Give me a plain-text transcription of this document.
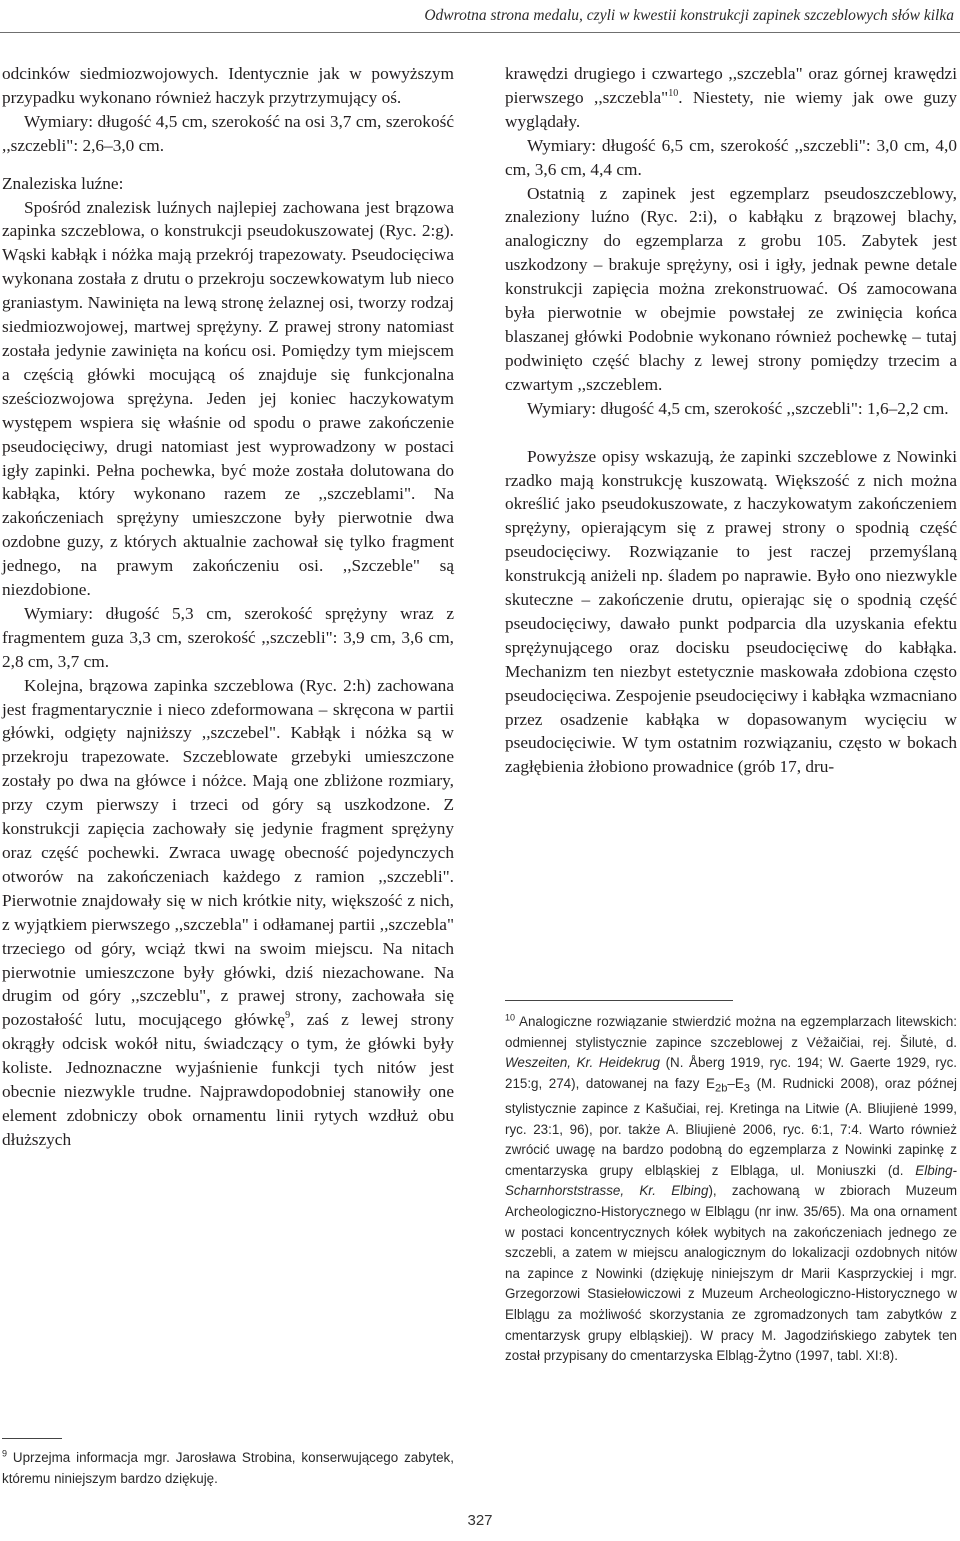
Odwrotna strona medalu, czyli w kwestii konstrukcji zapinek szczeblowych słów kilka

odcinków siedmiozwojowych. Identycznie jak w powyższym przypadku wykonano również haczyk przytrzymujący oś.

Wymiary: długość 4,5 cm, szerokość na osi 3,7 cm, szerokość ,,szczebli": 2,6–3,0 cm.

Znaleziska luźne:

Spośród znalezisk luźnych najlepiej zachowana jest brązowa zapinka szczeblowa, o konstrukcji pseudokuszowatej (Ryc. 2:g). Wąski kabłąk i nóżka mają przekrój trapezowaty. Pseudocięciwa wykonana została z drutu o przekroju soczewkowatym lub nieco graniastym. Nawinięta na lewą stronę żelaznej osi, tworzy rodzaj siedmiozwojowej, martwej sprężyny. Z prawej strony natomiast została jedynie zawinięta na końcu osi. Pomiędzy tym miejscem a częścią główki mocującą oś znajduje się funkcjonalna sześciozwojowa sprężyna. Jeden jej koniec haczykowatym występem wspiera się właśnie od spodu o prawe zakończenie pseudocięciwy, drugi natomiast jest wyprowadzony w postaci igły zapinki. Pełna pochewka, być może została dolutowana do kabłąka, który wykonano razem ze ,,szczeblami". Na zakończeniach sprężyny umieszczone były pierwotnie dwa ozdobne guzy, z których aktualnie zachował się tylko fragment jednego, na prawym zakończeniu osi. ,,Szczeble" są niezdobione.

Wymiary: długość 5,3 cm, szerokość sprężyny wraz z fragmentem guza 3,3 cm, szerokość ,,szczebli": 3,9 cm, 3,6 cm, 2,8 cm, 3,7 cm.

Kolejna, brązowa zapinka szczeblowa (Ryc. 2:h) zachowana jest fragmentarycznie i nieco zdeformowana – skręcona w partii główki, odgięty najniższy ,,szczebel". Kabłąk i nóżka są w przekroju trapezowate. Szczeblowate grzebyki umieszczone zostały po dwa na główce i nóżce. Mają one zbliżone rozmiary, przy czym pierwszy i trzeci od góry są uszkodzone. Z konstrukcji zapięcia zachowały się jedynie fragment sprężyny oraz część pochewki. Zwraca uwagę obecność pojedynczych otworów na zakończeniach każdego z ramion ,,szczebli". Pierwotnie znajdowały się w nich krótkie nity, większość z nich, z wyjątkiem pierwszego ,,szczebla" i odłamanej partii ,,szczebla" trzeciego od góry, wciąż tkwi na swoim miejscu. Na nitach pierwotnie umieszczone były główki, dziś niezachowane. Na drugim od góry ,,szczeblu", z prawej strony, zachowała się pozostałość lutu, mocującego główkę$^9$, zaś z lewej strony okrągły odcisk wokół nitu, świadczący o tym, że główki były koliste. Jednoznaczne wyjaśnienie funkcji tych nitów jest obecnie niezwykle trudne. Najprawdopodobniej stanowiły one element zdobniczy obok ornamentu linii rytych wzdłuż obu dłuższych

$^9$ Uprzejma informacja mgr. Jarosława Strobina, konserwującego zabytek, któremu niniejszym bardzo dziękuję.

krawędzi drugiego i czwartego ,,szczebla" oraz górnej krawędzi pierwszego ,,szczebla"$^{10}$. Niestety, nie wiemy jak owe guzy wyglądały.

Wymiary: długość 6,5 cm, szerokość ,,szczebli": 3,0 cm, 4,0 cm, 3,6 cm, 4,4 cm.

Ostatnią z zapinek jest egzemplarz pseudoszczeblowy, znaleziony luźno (Ryc. 2:i), o kabłąku z brązowej blachy, analogiczny do egzemplarza z grobu 105. Zabytek jest uszkodzony – brakuje sprężyny, osi i igły, jednak pewne detale konstrukcji zapięcia można zrekonstruować. Oś zamocowana była pierwotnie w obejmie powstałej ze zwinięcia końca blaszanej główki Podobnie wykonano również pochewkę – tutaj podwinięto część blachy z lewej strony pomiędzy trzecim a czwartym ,,szczeblem.

Wymiary: długość 4,5 cm, szerokość ,,szczebli": 1,6–2,2 cm.

Powyższe opisy wskazują, że zapinki szczeblowe z Nowinki rzadko mają konstrukcję kuszowatą. Większość z nich można określić jako pseudokuszowate, z haczykowatym zakończeniem sprężyny, opierającym się z prawej strony o spodnią część pseudocięciwy. Rozwiązanie to jest raczej przemyślaną konstrukcją aniżeli np. śladem po naprawie. Było ono niezwykle skuteczne – zakończenie drutu, opierając się o spodnią część pseudocięciwy, dawało punkt podparcia dla uzyskania efektu sprężynującego oraz docisku pseudocięciwę do kabłąka. Mechanizm ten niezbyt estetycznie maskowała zdobiona często pseudocięciwa. Zespojenie pseudocięciwy i kabłąka wzmacniano przez osadzenie kabłąka w dopasowanym wycięciu w pseudocięciwie. W tym ostatnim rozwiązaniu, często w bokach zagłębienia żłobiono prowadnice (grób 17, dru-

$^{10}$ Analogiczne rozwiązanie stwierdzić można na egzemplarzach litewskich: odmiennej stylistycznie zapince szczeblowej z Vėžaičiai, rej. Šilutė, d. Weszeiten, Kr. Heidekrug (N. Åberg 1919, ryc. 194; W. Gaerte 1929, ryc. 215:g, 274), datowanej na fazy $E_{2b}-E_3$ (M. Rudnicki 2008), oraz późnej stylistycznie zapince z Kašučiai, rej. Kretinga na Litwie (A. Bliujienė 1999, ryc. 23:1, 96), por. także A. Bliujienė 2006, ryc. 6:1, 7:4. Warto również zwrócić uwagę na bardzo podobną do egzemplarza z Nowinki zapinkę z cmentarzyska grupy elbląskiej z Elbląga, ul. Moniuszki (d. Elbing-Scharnhorststrasse, Kr. Elbing), zachowaną w zbiorach Muzeum Archeologiczno-Historycznego w Elblągu (nr inw. 35/65). Ma ona ornament w postaci koncentrycznych kółek wybitych na zakończeniach jednego ze szczebli, a zatem w miejscu analogicznym do lokalizacji ozdobnych nitów na zapince z Nowinki (dziękuję niniejszym dr Marii Kasprzyckiej i mgr. Grzegorzowi Stasiełowiczowi z Muzeum Archeologiczno-Historycznego w Elblągu za możliwość skorzystania ze zgromadzonych tam zabytków z cmentarzysk grupy elbląskiej). W pracy M. Jagodzińskiego zabytek ten został przypisany do cmentarzyska Elbląg-Żytno (1997, tabl. XI:8).
327
